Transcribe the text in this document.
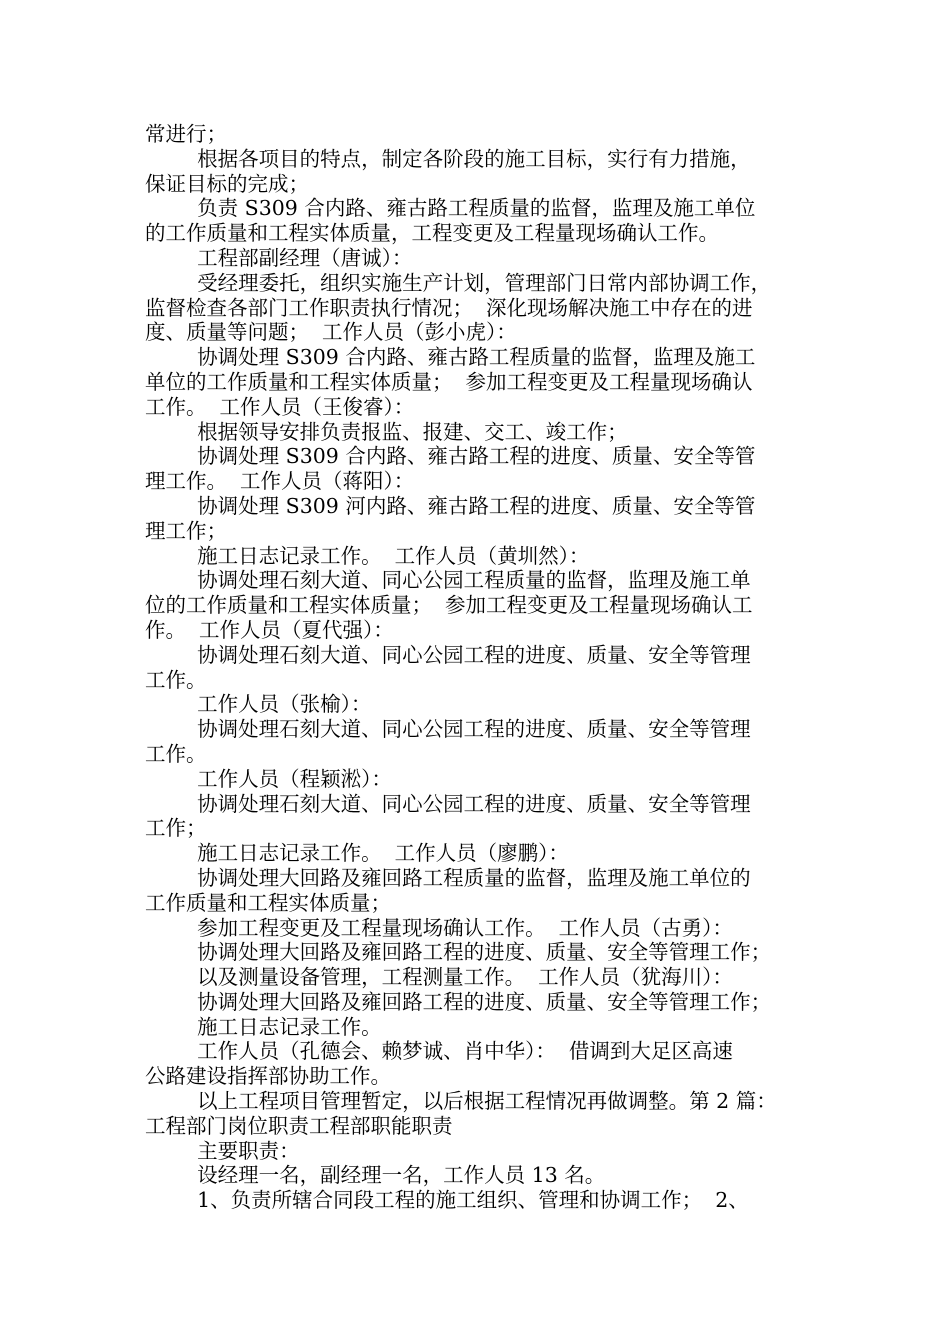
常进行；
根据各项目的特点，制定各阶段的施工目标，实行有力措施，
保证目标的完成；
负责 S309 合内路、雍古路工程质量的监督，监理及施工单位
的工作质量和工程实体质量，工程变更及工程量现场确认工作。
工程部副经理（唐诚）：
受经理委托，组织实施生产计划，管理部门日常内部协调工作，
监督检查各部门工作职责执行情况；  深化现场解决施工中存在的进
度、质量等问题；  工作人员（彭小虎）：
协调处理 S309 合内路、雍古路工程质量的监督，监理及施工
单位的工作质量和工程实体质量；  参加工程变更及工程量现场确认
工作。  工作人员（王俊睿）：
根据领导安排负责报监、报建、交工、竣工作；
协调处理 S309 合内路、雍古路工程的进度、质量、安全等管
理工作。  工作人员（蒋阳）：
协调处理 S309 河内路、雍古路工程的进度、质量、安全等管
理工作；
施工日志记录工作。  工作人员（黄圳然）：
协调处理石刻大道、同心公园工程质量的监督，监理及施工单
位的工作质量和工程实体质量；  参加工程变更及工程量现场确认工
作。  工作人员（夏代强）：
协调处理石刻大道、同心公园工程的进度、质量、安全等管理
工作。
工作人员（张榆）：
协调处理石刻大道、同心公园工程的进度、质量、安全等管理
工作。
工作人员（程颖淞）：
协调处理石刻大道、同心公园工程的进度、质量、安全等管理
工作；
施工日志记录工作。  工作人员（廖鹏）：
协调处理大回路及雍回路工程质量的监督，监理及施工单位的
工作质量和工程实体质量；
参加工程变更及工程量现场确认工作。  工作人员（古勇）：
协调处理大回路及雍回路工程的进度、质量、安全等管理工作；
以及测量设备管理，工程测量工作。  工作人员（犹海川）：
协调处理大回路及雍回路工程的进度、质量、安全等管理工作；
施工日志记录工作。
工作人员（孔德会、赖梦诚、肖中华）：  借调到大足区高速
公路建设指挥部协助工作。
以上工程项目管理暂定，以后根据工程情况再做调整。第 2 篇：
工程部门岗位职责工程部职能职责
主要职责：
设经理一名，副经理一名，工作人员 13 名。
1、负责所辖合同段工程的施工组织、管理和协调工作；  2、
